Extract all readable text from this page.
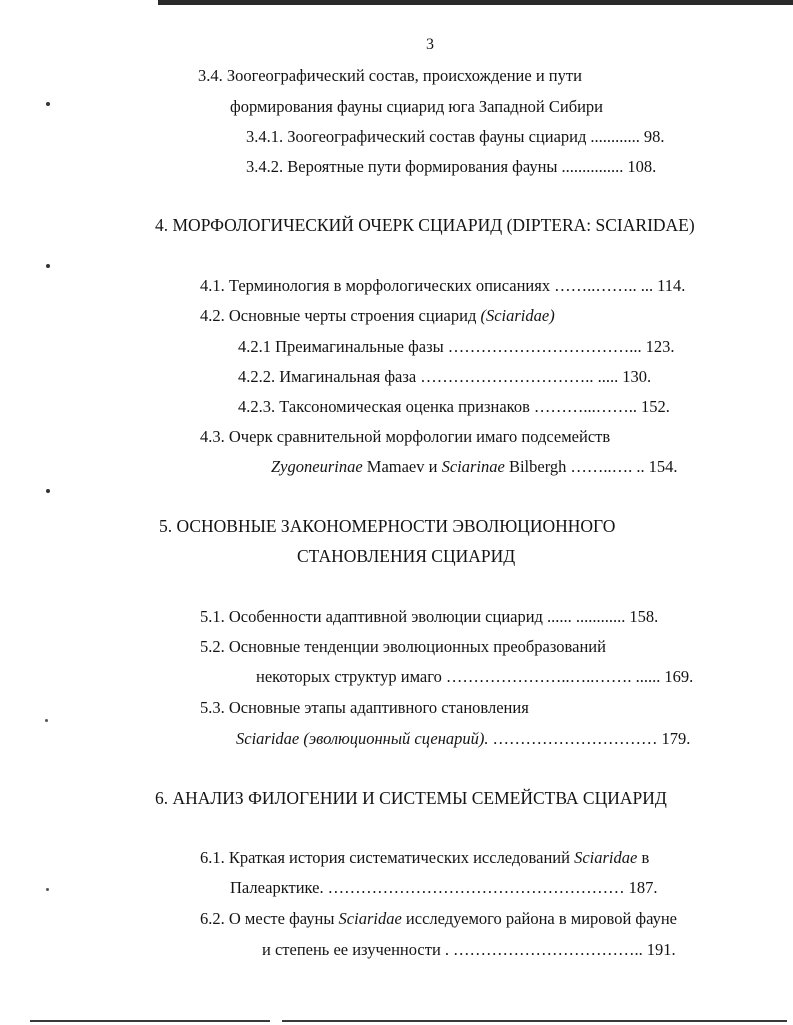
3
3.4. Зоогеографический состав, происхождение и пути
формирования фауны сциарид юга Западной Сибири
3.4.1. Зоогеографический состав фауны сциарид ............ 98.
3.4.2. Вероятные пути формирования фауны ............... 108.
4. МОРФОЛОГИЧЕСКИЙ ОЧЕРК СЦИАРИД (DIPTERA: SCIARIDAE)
4.1. Терминология в морфологических описаниях ……..…….. ... 114.
4.2. Основные черты строения сциарид (Sciaridae)
4.2.1 Преимагинальные фазы ……………………………... 123.
4.2.2. Имагинальная фаза ………………………….. ..... 130.
4.2.3. Таксономическая оценка признаков ………...…….. 152.
4.3. Очерк сравнительной морфологии имаго подсемейств
Zygoneurinae Mamaev и Sciarinae Bilbergh ……..…. .. 154.
5. ОСНОВНЫЕ ЗАКОНОМЕРНОСТИ ЭВОЛЮЦИОННОГО
СТАНОВЛЕНИЯ СЦИАРИД
5.1. Особенности адаптивной эволюции сциарид ...... ............ 158.
5.2. Основные тенденции эволюционных преобразований
некоторых структур имаго …………………..…..……. ...... 169.
5.3. Основные этапы адаптивного становления
Sciaridae (эволюционный сценарий). ………………………… 179.
6. АНАЛИЗ ФИЛОГЕНИИ И СИСТЕМЫ СЕМЕЙСТВА СЦИАРИД
6.1. Краткая история систематических исследований Sciaridae в
Палеарктике. ……………………………………………… 187.
6.2. О месте фауны Sciaridae исследуемого района в мировой фауне
и степень ее изученности . …………………………….. 191.
